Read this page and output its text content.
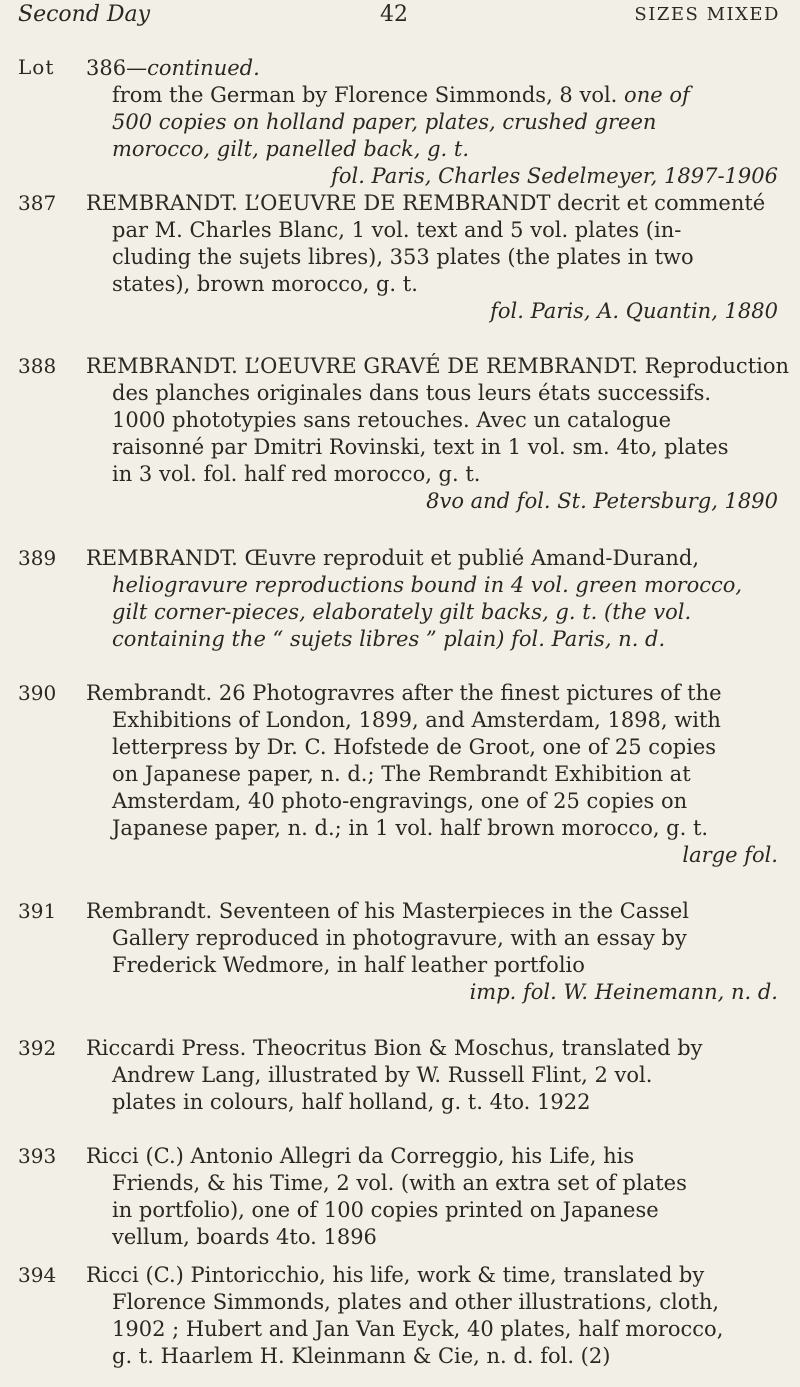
Second Day	42	SIZES MIXED
Lot 386—continued.
from the German by Florence Simmonds, 8 vol. one of
500 copies on holland paper, plates, crushed green
morocco, gilt, panelled back, g. t.
fol. Paris, Charles Sedelmeyer, 1897-1906
387	REMBRANDT. L’OEUVRE DE REMBRANDT decrit et commenté
par M. Charles Blanc, 1 vol. text and 5 vol. plates (in-
cluding the sujets libres), 353 plates (the plates in two
states), brown morocco, g. t.
fol. Paris, A. Quantin, 1880
388	REMBRANDT. L’OEUVRE GRAVÉ DE REMBRANDT. Reproduction
des planches originales dans tous leurs états successifs.
1000 phototypies sans retouches. Avec un catalogue
raisonné par Dmitri Rovinski, text in 1 vol. sm. 4to, plates
in 3 vol. fol. half red morocco, g. t.
8vo and fol. St. Petersburg, 1890
389	REMBRANDT. Œuvre reproduit et publié Amand-Durand,
heliogravure reproductions bound in 4 vol. green morocco,
gilt corner-pieces, elaborately gilt backs, g. t. (the vol.
containing the “ sujets libres ” plain) fol. Paris, n. d.
390	Rembrandt. 26 Photogravres after the finest pictures of the
Exhibitions of London, 1899, and Amsterdam, 1898, with
letterpress by Dr. C. Hofstede de Groot, one of 25 copies
on Japanese paper, n. d.; The Rembrandt Exhibition at
Amsterdam, 40 photo-engravings, one of 25 copies on
Japanese paper, n. d.; in 1 vol. half brown morocco, g. t.
large fol.
391	Rembrandt. Seventeen of his Masterpieces in the Cassel
Gallery reproduced in photogravure, with an essay by
Frederick Wedmore, in half leather portfolio
imp. fol. W. Heinemann, n. d.
392	Riccardi Press. Theocritus Bion & Moschus, translated by
Andrew Lang, illustrated by W. Russell Flint, 2 vol.
plates in colours, half holland, g. t. 4to. 1922
393	Ricci (C.) Antonio Allegri da Correggio, his Life, his
Friends, & his Time, 2 vol. (with an extra set of plates
in portfolio), one of 100 copies printed on Japanese
vellum, boards 4to. 1896
394	Ricci (C.) Pintoricchio, his life, work & time, translated by
Florence Simmonds, plates and other illustrations, cloth,
1902 ; Hubert and Jan Van Eyck, 40 plates, half morocco,
g. t. Haarlem H. Kleinmann & Cie, n. d. fol. (2)
